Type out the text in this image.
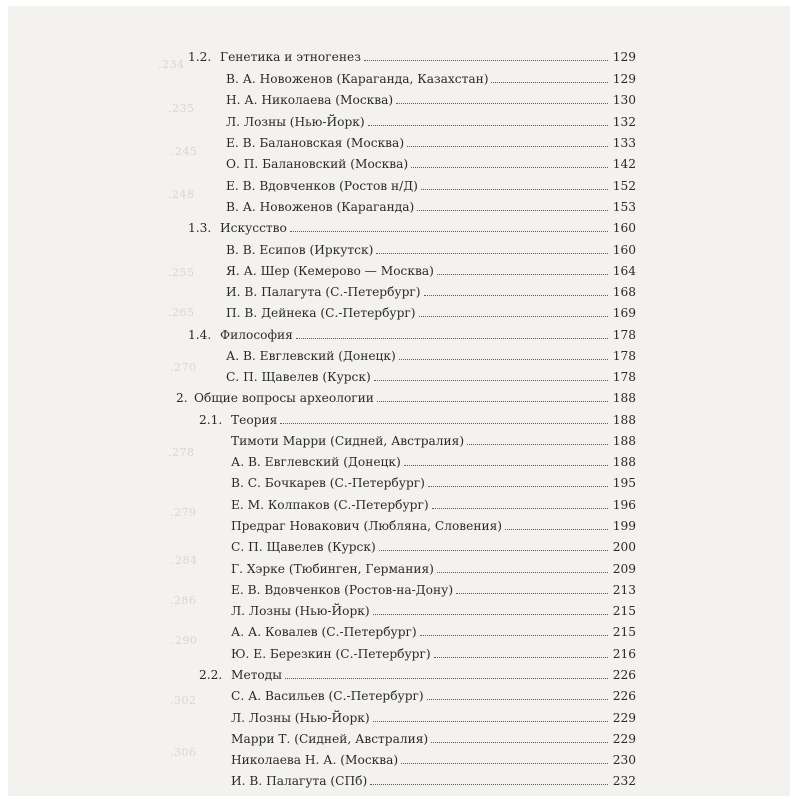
.234
.235
.245
.248
.255
.265
.270
.278
.279
.284
.286
.290
.302
.306
1.2. Генетика и этногенез	129
В. А. Новоженов (Караганда, Казахстан)	129
Н. А. Николаева (Москва)	130
Л. Лозны (Нью-Йорк)	132
Е. В. Балановская (Москва)	133
О. П. Балановский (Москва)	142
Е. В. Вдовченков (Ростов н/Д)	152
В. А. Новоженов (Караганда)	153
1.3. Искусство	160
В. В. Есипов (Иркутск)	160
Я. А. Шер (Кемерово — Москва)	164
И. В. Палагута (С.-Петербург)	168
П. В. Дейнека (С.-Петербург)	169
1.4. Философия	178
А. В. Евглевский (Донецк)	178
С. П. Щавелев (Курск)	178
2. Общие вопросы археологии	188
2.1. Теория	188
Тимоти Марри (Сидней, Австралия)	188
А. В. Евглевский (Донецк)	188
В. С. Бочкарев (С.-Петербург)	195
Е. М. Колпаков (С.-Петербург)	196
Предраг Новакович (Любляна, Словения)	199
С. П. Щавелев (Курск)	200
Г. Хэрке (Тюбинген, Германия)	209
Е. В. Вдовченков (Ростов-на-Дону)	213
Л. Лозны (Нью-Йорк)	215
А. А. Ковалев (С.-Петербург)	215
Ю. Е. Березкин (С.-Петербург)	216
2.2. Методы	226
С. А. Васильев (С.-Петербург)	226
Л. Лозны (Нью-Йорк)	229
Марри Т. (Сидней, Австралия)	229
Николаева Н. А. (Москва)	230
И. В. Палагута (СПб)	232
